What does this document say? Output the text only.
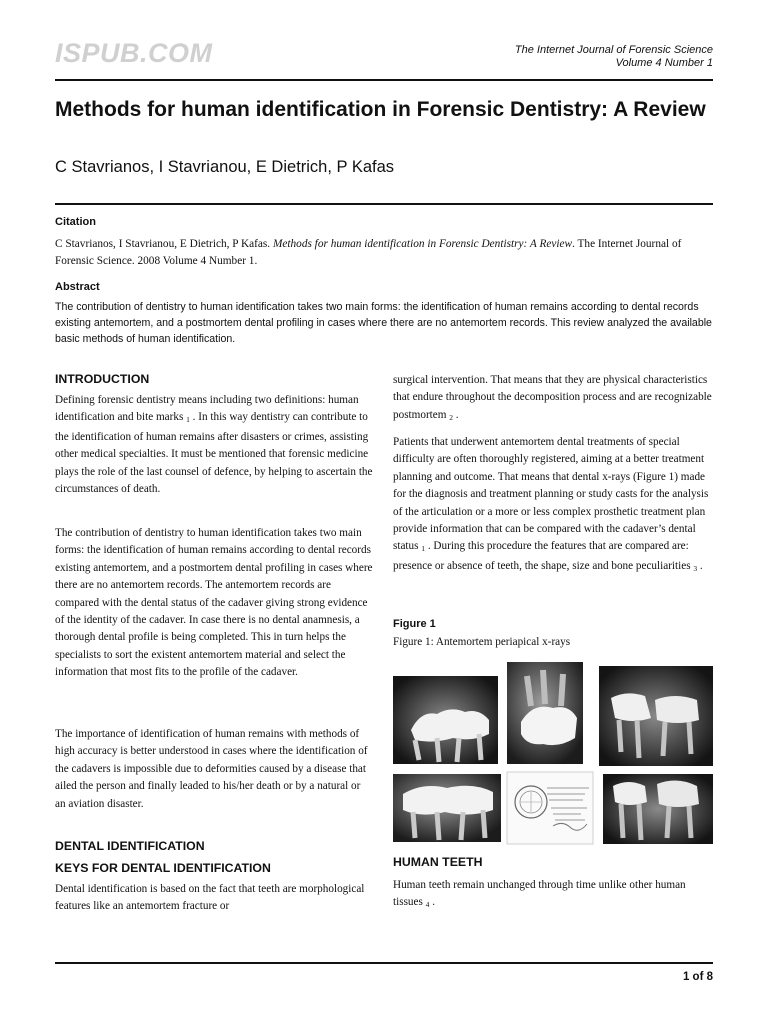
ISPUB.COM	The Internet Journal of Forensic Science
Volume 4 Number 1
Methods for human identification in Forensic Dentistry: A Review
C Stavrianos, I Stavrianou, E Dietrich, P Kafas
Citation
C Stavrianos, I Stavrianou, E Dietrich, P Kafas. Methods for human identification in Forensic Dentistry: A Review. The Internet Journal of Forensic Science. 2008 Volume 4 Number 1.
Abstract
The contribution of dentistry to human identification takes two main forms: the identification of human remains according to dental records existing antemortem, and a postmortem dental profiling in cases where there are no antemortem records. This review analyzed the available basic methods of human identification.
INTRODUCTION

Defining forensic dentistry means including two definitions: human identification and bite marks $_1$ . In this way dentistry can contribute to the identification of human remains after disasters or crimes, assisting other medical specialties. It must be mentioned that forensic medicine plays the role of the last counsel of defence, by helping to ascertain the circumstances of death.

The contribution of dentistry to human identification takes two main forms: the identification of human remains according to dental records existing antemortem, and a postmortem dental profiling in cases where there are no antemortem records. The antemortem records are compared with the dental status of the cadaver giving strong evidence of the identity of the cadaver. In case there is no dental anamnesis, a thorough dental profile is being completed. This in turn helps the specialists to sort the existent antemortem material and select the information that most fits to the profile of the cadaver.

The importance of identification of human remains with methods of high accuracy is better understood in cases where the identification of the cadavers is impossible due to deformities caused by a disease that ailed the person and finally leaded to his/her death or by a natural or an aviation disaster.

DENTAL IDENTIFICATION
KEYS FOR DENTAL IDENTIFICATION

Dental identification is based on the fact that teeth are morphological features like an antemortem fracture or

surgical intervention. That means that they are physical characteristics that endure throughout the decomposition process and are recognizable postmortem $_2$ .

Patients that underwent antemortem dental treatments of special difficulty are often thoroughly registered, aiming at a better treatment planning and outcome. That means that dental x-rays (Figure 1) made for the diagnosis and treatment planning or study casts for the analysis of the articulation or a more or less complex prosthetic treatment plan provide information that can be compared with the cadaver’s dental status $_1$ . During this procedure the features that are compared are: presence or absence of teeth, the shape, size and bone peculiarities $_3$ .

Figure 1
Figure 1: Antemortem periapical x-rays
HUMAN TEETH

Human teeth remain unchanged through time unlike other human tissues $_4$ .

1 of 8
